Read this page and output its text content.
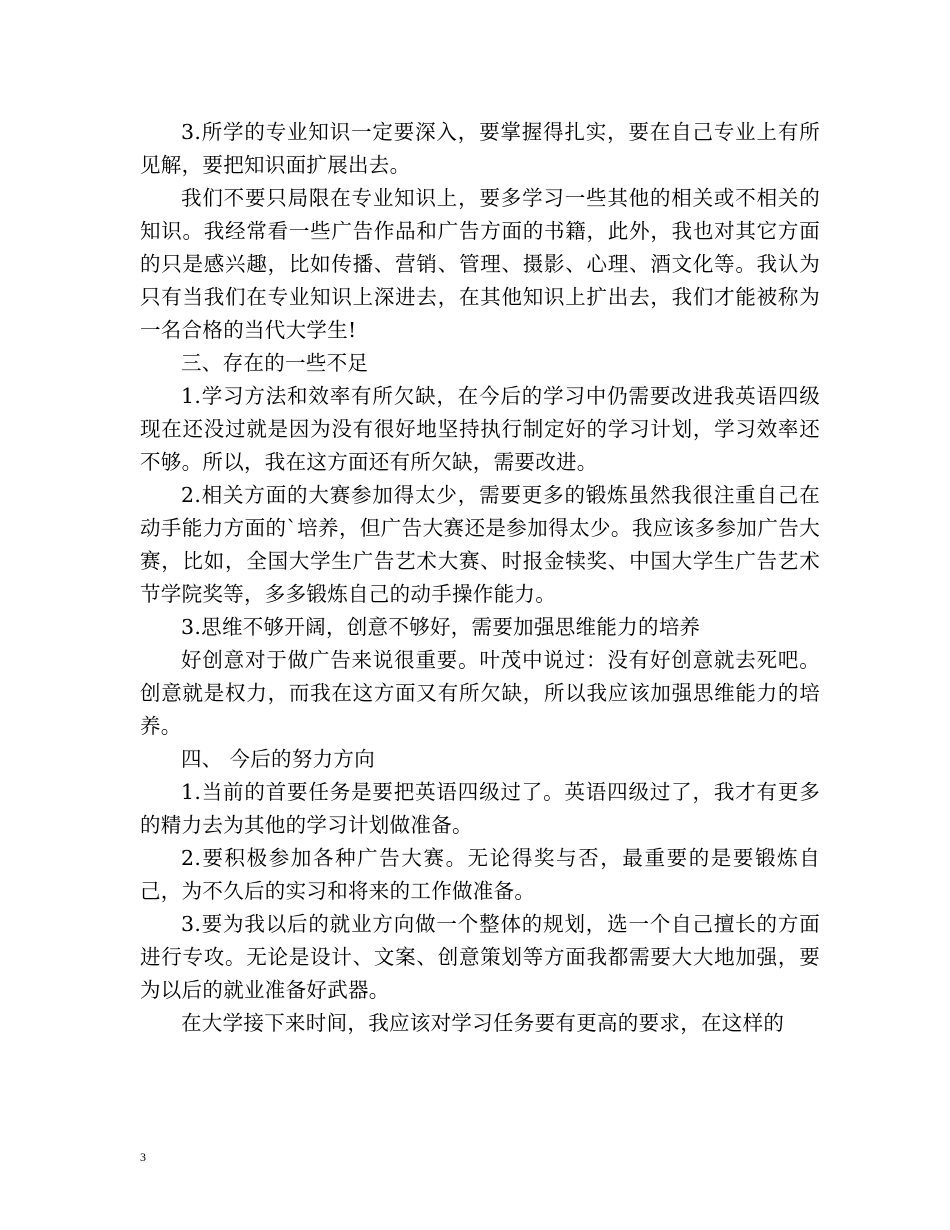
3.所学的专业知识一定要深入，要掌握得扎实，要在自己专业上有所见解，要把知识面扩展出去。

我们不要只局限在专业知识上，要多学习一些其他的相关或不相关的知识。我经常看一些广告作品和广告方面的书籍，此外，我也对其它方面的只是感兴趣，比如传播、营销、管理、摄影、心理、酒文化等。我认为只有当我们在专业知识上深进去，在其他知识上扩出去，我们才能被称为一名合格的当代大学生!

三、存在的一些不足

1.学习方法和效率有所欠缺，在今后的学习中仍需要改进我英语四级现在还没过就是因为没有很好地坚持执行制定好的学习计划，学习效率还不够。所以，我在这方面还有所欠缺，需要改进。

2.相关方面的大赛参加得太少，需要更多的锻炼虽然我很注重自己在动手能力方面的`培养，但广告大赛还是参加得太少。我应该多参加广告大赛，比如，全国大学生广告艺术大赛、时报金犊奖、中国大学生广告艺术节学院奖等，多多锻炼自己的动手操作能力。

3.思维不够开阔，创意不够好，需要加强思维能力的培养

好创意对于做广告来说很重要。叶茂中说过：没有好创意就去死吧。创意就是权力，而我在这方面又有所欠缺，所以我应该加强思维能力的培养。

四、 今后的努力方向

1.当前的首要任务是要把英语四级过了。英语四级过了，我才有更多的精力去为其他的学习计划做准备。

2.要积极参加各种广告大赛。无论得奖与否，最重要的是要锻炼自己，为不久后的实习和将来的工作做准备。

3.要为我以后的就业方向做一个整体的规划，选一个自己擅长的方面进行专攻。无论是设计、文案、创意策划等方面我都需要大大地加强，要为以后的就业准备好武器。

在大学接下来时间，我应该对学习任务要有更高的要求，在这样的

3
